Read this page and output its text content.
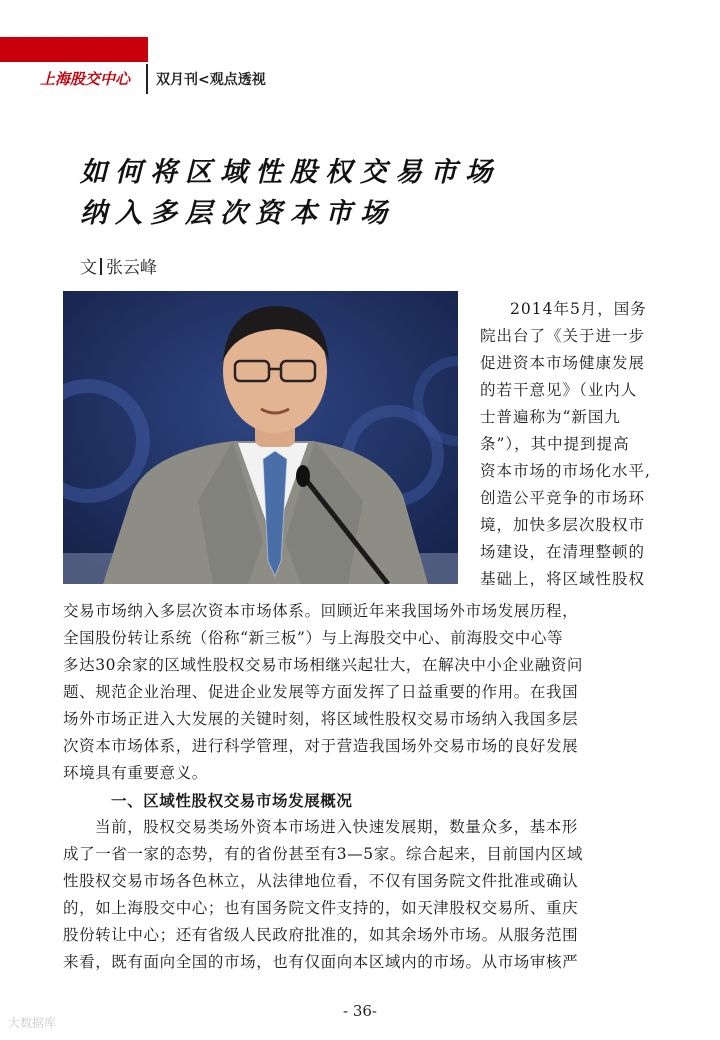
上海股交中心 双月刊<观点透视
如何将区域性股权交易市场
纳入多层次资本市场
文 张云峰
2014年5月，国务
院出台了《关于进一步
促进资本市场健康发展
的若干意见》（业内人
士普遍称为“新国九
条”），其中提到提高
资本市场的市场化水平,
创造公平竞争的市场环
境，加快多层次股权市
场建设，在清理整顿的
基础上，将区域性股权
交易市场纳入多层次资本市场体系。回顾近年来我国场外市场发展历程，
全国股份转让系统（俗称“新三板”）与上海股交中心、前海股交中心等
多达30余家的区域性股权交易市场相继兴起壮大，在解决中小企业融资问
题、规范企业治理、促进企业发展等方面发挥了日益重要的作用。在我国
场外市场正进入大发展的关键时刻，将区域性股权交易市场纳入我国多层
次资本市场体系，进行科学管理，对于营造我国场外交易市场的良好发展
环境具有重要意义。
一、区域性股权交易市场发展概况
当前，股权交易类场外资本市场进入快速发展期，数量众多，基本形
成了一省一家的态势，有的省份甚至有3—5家。综合起来，目前国内区域
性股权交易市场各色林立，从法律地位看，不仅有国务院文件批准或确认
的，如上海股交中心；也有国务院文件支持的，如天津股权交易所、重庆
股份转让中心；还有省级人民政府批准的，如其余场外市场。从服务范围
来看，既有面向全国的市场，也有仅面向本区域内的市场。从市场审核严
- 36-
大数据库
